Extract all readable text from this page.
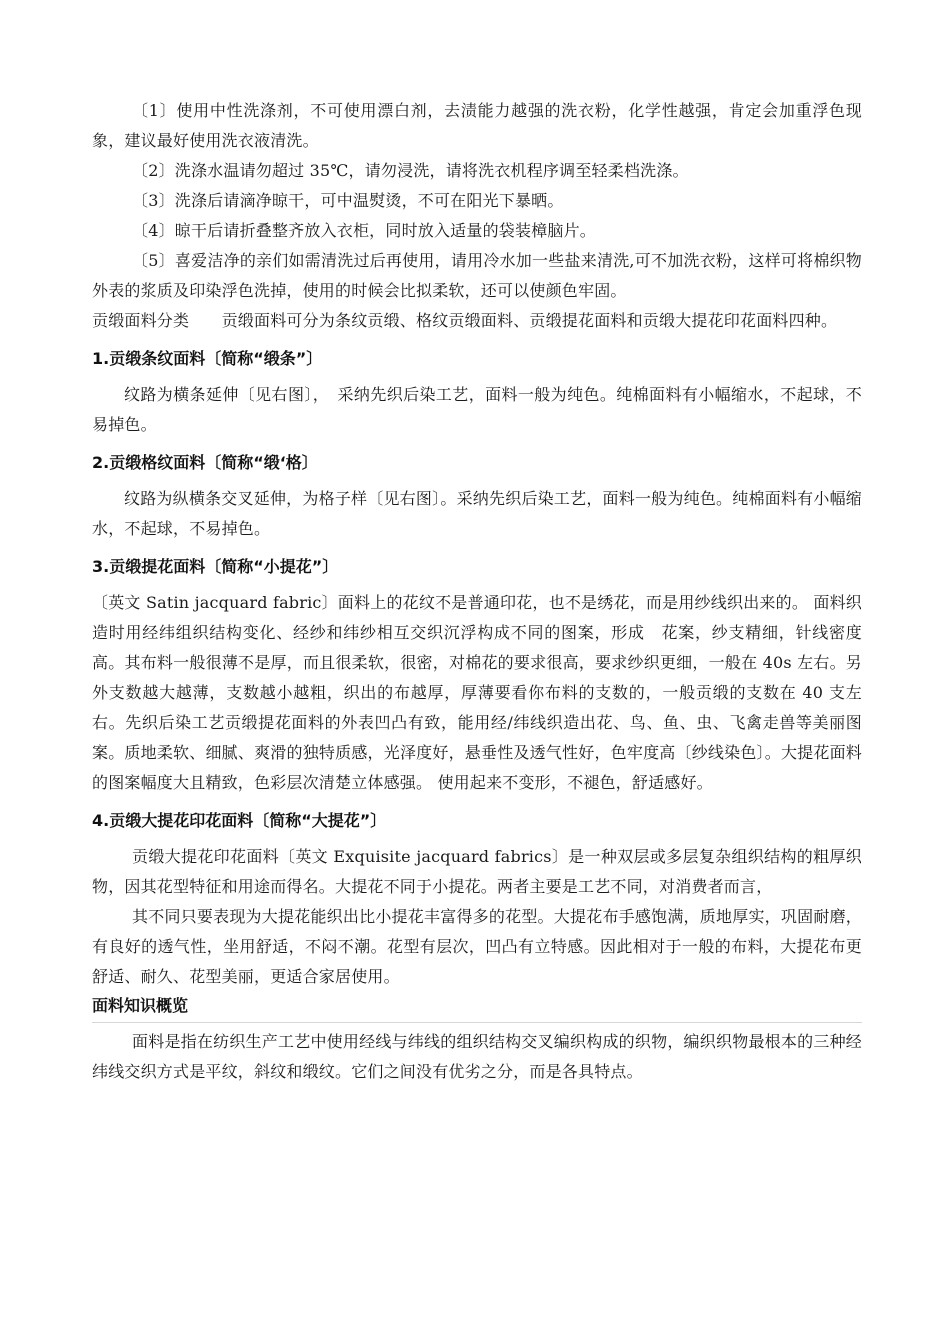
〔1〕使用中性洗涤剂，不可使用漂白剂，去渍能力越强的洗衣粉，化学性越强，肯定会加重浮色现象，建议最好使用洗衣液清洗。

〔2〕洗涤水温请勿超过 35℃，请勿浸洗，请将洗衣机程序调至轻柔档洗涤。

〔3〕洗涤后请滴净晾干，可中温熨烫，不可在阳光下暴晒。

〔4〕晾干后请折叠整齐放入衣柜，同时放入适量的袋装樟脑片。

〔5〕喜爱洁净的亲们如需清洗过后再使用，请用冷水加一些盐来清洗,可不加洗衣粉，这样可将棉织物外表的浆质及印染浮色洗掉，使用的时候会比拟柔软，还可以使颜色牢固。

贡缎面料分类　　贡缎面料可分为条纹贡缎、格纹贡缎面料、贡缎提花面料和贡缎大提花印花面料四种。

1.贡缎条纹面料〔简称“缎条”〕

纹路为横条延伸〔见右图〕，　采纳先织后染工艺，面料一般为纯色。纯棉面料有小幅缩水，不起球，不易掉色。

2.贡缎格纹面料〔简称“缎‘格〕

纹路为纵横条交叉延伸，为格子样〔见右图〕。采纳先织后染工艺，面料一般为纯色。纯棉面料有小幅缩水，不起球，不易掉色。

3.贡缎提花面料〔简称“小提花”〕

〔英文 Satin jacquard fabric〕面料上的花纹不是普通印花，也不是绣花，而是用纱线织出来的。 面料织造时用经纬组织结构变化、经纱和纬纱相互交织沉浮构成不同的图案，形成　花案，纱支精细，针线密度高。其布料一般很薄不是厚，而且很柔软，很密，对棉花的要求很高，要求纱织更细，一般在 40s 左右。另外支数越大越薄，支数越小越粗，织出的布越厚，厚薄要看你布料的支数的，一般贡缎的支数在 40 支左右。先织后染工艺贡缎提花面料的外表凹凸有致，能用经/纬线织造出花、鸟、鱼、虫、飞禽走兽等美丽图案。质地柔软、细腻、爽滑的独特质感，光泽度好，悬垂性及透气性好，色牢度高〔纱线染色〕。大提花面料的图案幅度大且精致，色彩层次清楚立体感强。 使用起来不变形，不褪色，舒适感好。

4.贡缎大提花印花面料〔简称“大提花”〕

贡缎大提花印花面料〔英文 Exquisite jacquard fabrics〕是一种双层或多层复杂组织结构的粗厚织物，因其花型特征和用途而得名。大提花不同于小提花。两者主要是工艺不同，对消费者而言，

其不同只要表现为大提花能织出比小提花丰富得多的花型。大提花布手感饱满，质地厚实，巩固耐磨，有良好的透气性，坐用舒适，不闷不潮。花型有层次，凹凸有立特感。因此相对于一般的布料，大提花布更舒适、耐久、花型美丽，更适合家居使用。

面料知识概览

面料是指在纺织生产工艺中使用经线与纬线的组织结构交叉编织构成的织物，编织织物最根本的三种经纬线交织方式是平纹，斜纹和缎纹。它们之间没有优劣之分，而是各具特点。
